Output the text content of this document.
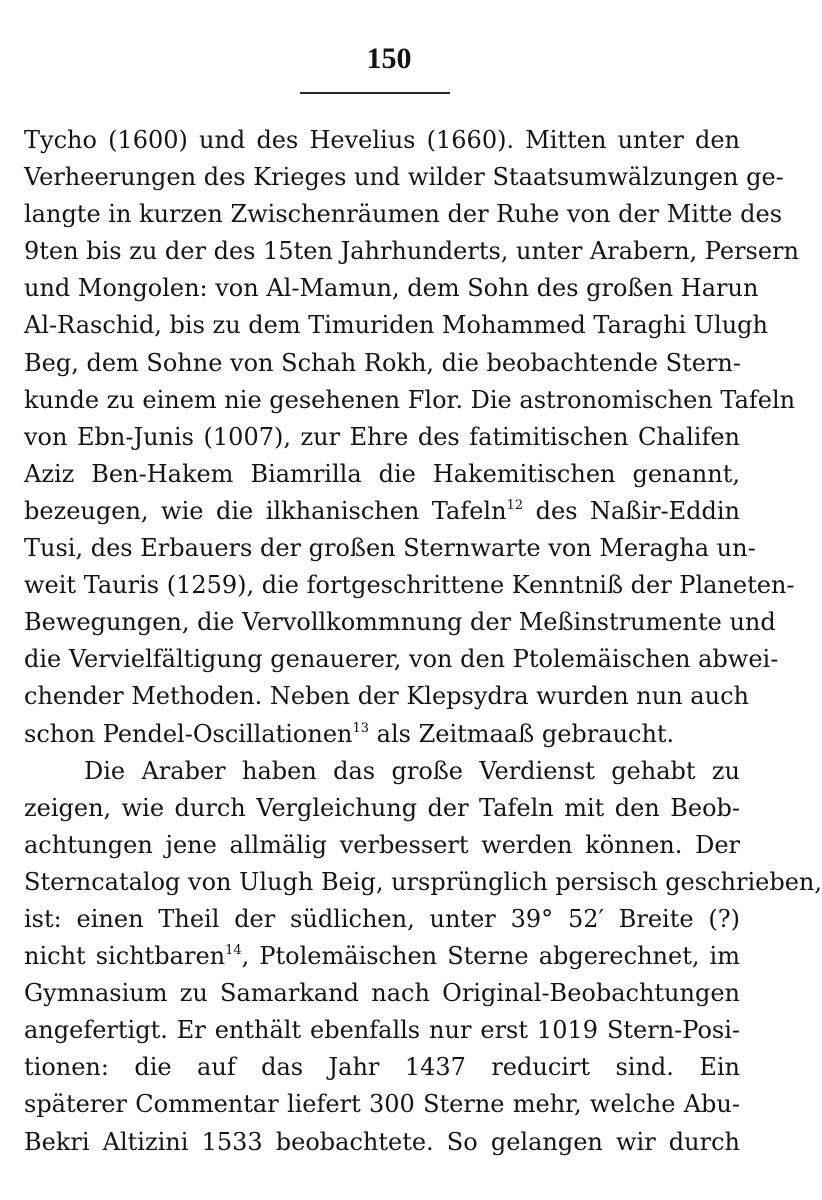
150
Tycho (1600) und des Hevelius (1660). Mitten unter den
Verheerungen des Krieges und wilder Staatsumwälzungen ge-
langte in kurzen Zwischenräumen der Ruhe von der Mitte des
9ten bis zu der des 15ten Jahrhunderts, unter Arabern, Persern
und Mongolen: von Al-Mamun, dem Sohn des großen Harun
Al-Raschid, bis zu dem Timuriden Mohammed Taraghi Ulugh
Beg, dem Sohne von Schah Rokh, die beobachtende Stern-
kunde zu einem nie gesehenen Flor. Die astronomischen Tafeln
von Ebn-Junis (1007), zur Ehre des fatimitischen Chalifen
Aziz Ben-Hakem Biamrilla die Hakemitischen genannt,
bezeugen, wie die ilkhanischen Tafeln$^{12}$ des Naßir-Eddin
Tusi, des Erbauers der großen Sternwarte von Meragha un-
weit Tauris (1259), die fortgeschrittene Kenntniß der Planeten-
Bewegungen, die Vervollkommnung der Meßinstrumente und
die Vervielfältigung genauerer, von den Ptolemäischen abwei-
chender Methoden. Neben der Klepsydra wurden nun auch
schon Pendel-Oscillationen$^{13}$ als Zeitmaaß gebraucht.
Die Araber haben das große Verdienst gehabt zu
zeigen, wie durch Vergleichung der Tafeln mit den Beob-
achtungen jene allmälig verbessert werden können. Der
Sterncatalog von Ulugh Beig, ursprünglich persisch geschrieben,
ist: einen Theil der südlichen, unter 39° 52′ Breite (?)
nicht sichtbaren$^{14}$, Ptolemäischen Sterne abgerechnet, im
Gymnasium zu Samarkand nach Original-Beobachtungen
angefertigt. Er enthält ebenfalls nur erst 1019 Stern-Posi-
tionen: die auf das Jahr 1437 reducirt sind. Ein
späterer Commentar liefert 300 Sterne mehr, welche Abu-
Bekri Altizini 1533 beobachtete. So gelangen wir durch
